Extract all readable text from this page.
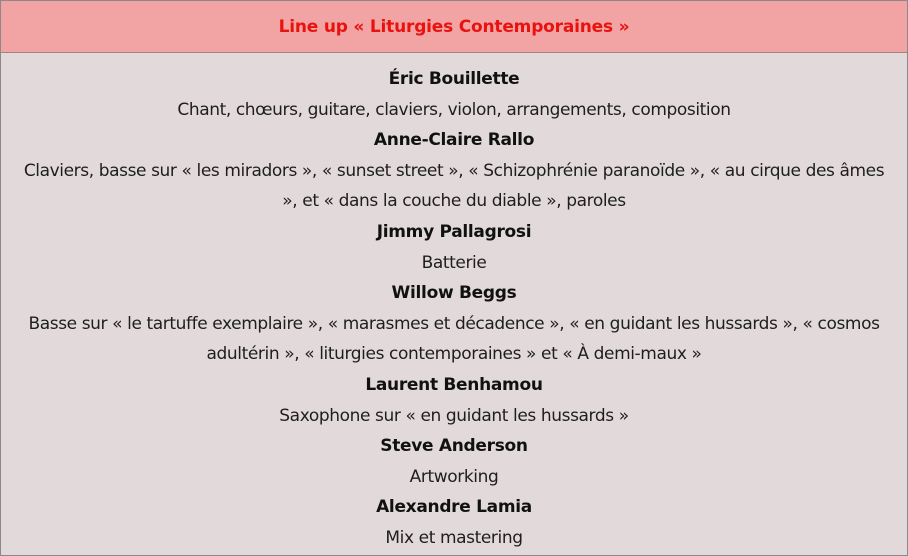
Line up « Liturgies Contemporaines »
Éric Bouillette
Chant, chœurs, guitare, claviers, violon, arrangements, composition
Anne-Claire Rallo
Claviers, basse sur « les miradors », « sunset street », « Schizophrénie paranoïde », « au cirque des âmes », et « dans la couche du diable », paroles
Jimmy Pallagrosi
Batterie
Willow Beggs
Basse sur « le tartuffe exemplaire », « marasmes et décadence », « en guidant les hussards », « cosmos adultérin », « liturgies contemporaines » et « À demi-maux »
Laurent Benhamou
Saxophone sur « en guidant les hussards »
Steve Anderson
Artworking
Alexandre Lamia
Mix et mastering
